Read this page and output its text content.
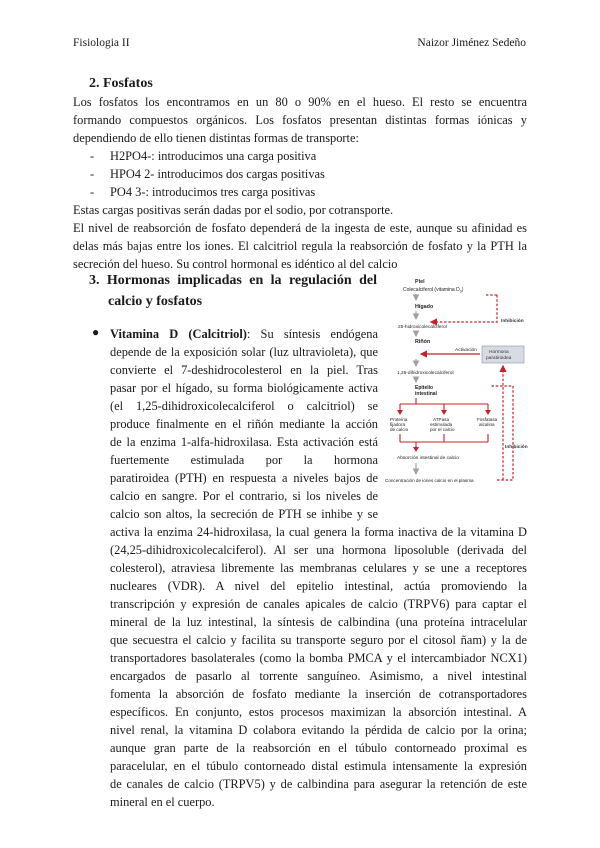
Fisiologia II	Naizor Jiménez Sedeño
2. Fosfatos
Los fosfatos los encontramos en un 80 o 90% en el hueso. El resto se encuentra
formando compuestos orgánicos. Los fosfatos presentan distintas formas iónicas y
dependiendo de ello tienen distintas formas de transporte:
- H2PO4-: introducimos una carga positiva
- HPO4 2- introducimos dos cargas positivas
- PO4 3-: introducimos tres carga positivas
Estas cargas positivas serán dadas por el sodio, por cotransporte.
El nivel de reabsorción de fosfato dependerá de la ingesta de este, aunque su afinidad es
delas más bajas entre los iones. El calcitriol regula la reabsorción de fosfato y la PTH la
secreción del hueso. Su control hormonal es idéntico al del calcio
3. Hormonas implicadas en la regulación del
calcio y fosfatos
● Vitamina D (Calcitriol): Su síntesis endógena
depende de la exposición solar (luz ultravioleta), que
convierte el 7-deshidrocolesterol en la piel. Tras
pasar por el hígado, su forma biológicamente activa
(el 1,25-dihidroxicolecalciferol o calcitriol) se
produce finalmente en el riñón mediante la acción
de la enzima 1-alfa-hidroxilasa. Esta activación está
fuertemente estimulada por la hormona
paratiroidea (PTH) en respuesta a niveles bajos de
calcio en sangre. Por el contrario, si los niveles de
calcio son altos, la secreción de PTH se inhibe y se
activa la enzima 24-hidroxilasa, la cual genera la forma inactiva de la vitamina D
(24,25-dihidroxicolecalciferol). Al ser una hormona liposoluble (derivada del
colesterol), atraviesa libremente las membranas celulares y se une a receptores
nucleares (VDR). A nivel del epitelio intestinal, actúa promoviendo la
transcripción y expresión de canales apicales de calcio (TRPV6) para captar el
mineral de la luz intestinal, la síntesis de calbindina (una proteína intracelular
que secuestra el calcio y facilita su transporte seguro por el citosol ñam) y la de
transportadores basolaterales (como la bomba PMCA y el intercambiador NCX1)
encargados de pasarlo al torrente sanguíneo. Asimismo, a nivel intestinal
fomenta la absorción de fosfato mediante la inserción de cotransportadores
específicos. En conjunto, estos procesos maximizan la absorción intestinal. A
nivel renal, la vitamina D colabora evitando la pérdida de calcio por la orina;
aunque gran parte de la reabsorción en el túbulo contorneado proximal es
paracelular, en el túbulo contorneado distal estimula intensamente la expresión
de canales de calcio (TRPV5) y de calbindina para asegurar la retención de este
mineral en el cuerpo.
Piel
Colecalciferol (vitamina $D_3$)
Hígado
25-hidroxicolecalciferol
Inhibición
Riñón
Activación	Hormona
paratiroidea
1,25-dihidroxicolecalciferol
Epitelio
intestinal
Proteína
fijadora
de calcio
ATPasa
estimulada
por el calcio
Fosfatasa
alcalina
Absorción intestinal de calcio
Concentración de iones calcio en el plasma
Inhibición
